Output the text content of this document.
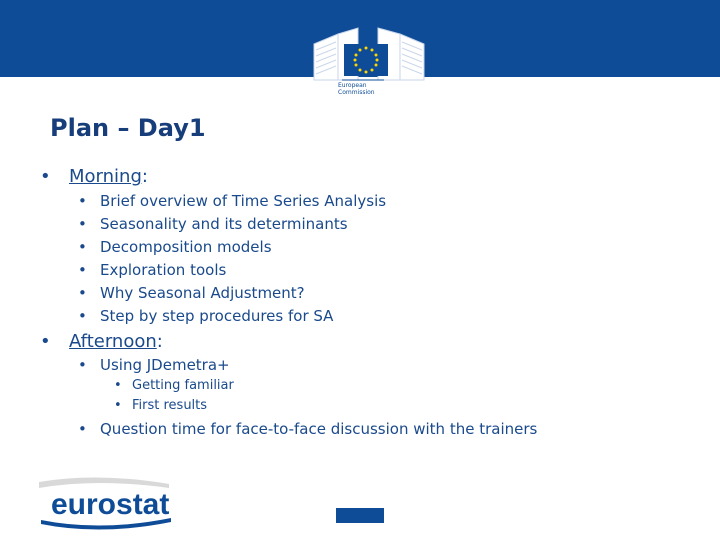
European
Commission
Plan – Day1
• Morning:
• Brief overview of Time Series Analysis
• Seasonality and its determinants
• Decomposition models
• Exploration tools
• Why Seasonal Adjustment?
• Step by step procedures for SA
• Afternoon:
• Using JDemetra+
• Getting familiar
• First results
• Question time for face-to-face discussion with the trainers
eurostat
